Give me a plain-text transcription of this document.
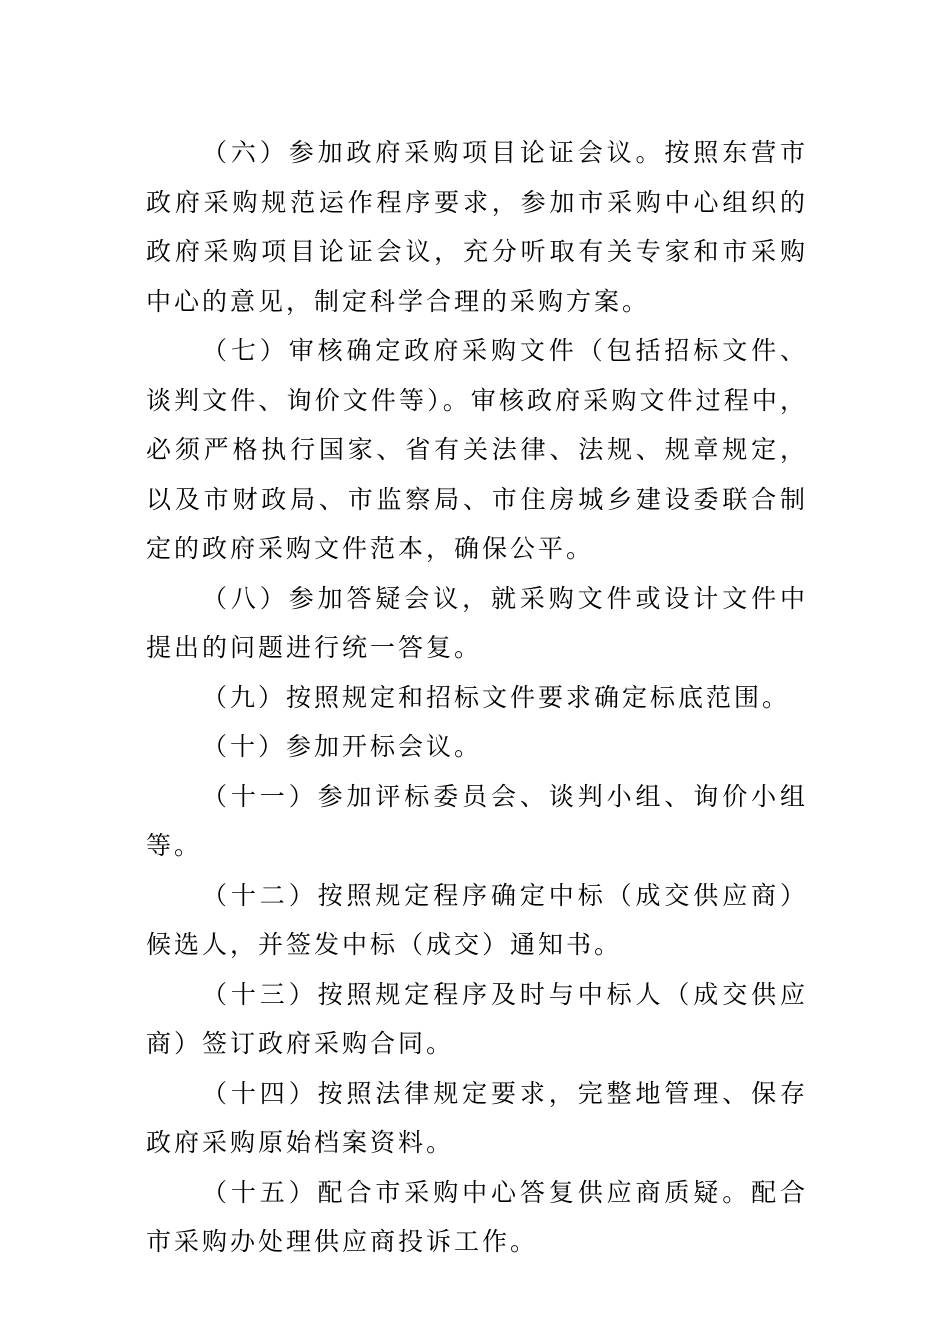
（六）参加政府采购项目论证会议。按照东营市政府采购规范运作程序要求，参加市采购中心组织的政府采购项目论证会议，充分听取有关专家和市采购中心的意见，制定科学合理的采购方案。

（七）审核确定政府采购文件（包括招标文件、谈判文件、询价文件等）。审核政府采购文件过程中，必须严格执行国家、省有关法律、法规、规章规定，以及市财政局、市监察局、市住房城乡建设委联合制定的政府采购文件范本，确保公平。

（八）参加答疑会议，就采购文件或设计文件中提出的问题进行统一答复。

（九）按照规定和招标文件要求确定标底范围。

（十）参加开标会议。

（十一）参加评标委员会、谈判小组、询价小组等。

（十二）按照规定程序确定中标（成交供应商）候选人，并签发中标（成交）通知书。

（十三）按照规定程序及时与中标人（成交供应商）签订政府采购合同。

（十四）按照法律规定要求，完整地管理、保存政府采购原始档案资料。

（十五）配合市采购中心答复供应商质疑。配合市采购办处理供应商投诉工作。
